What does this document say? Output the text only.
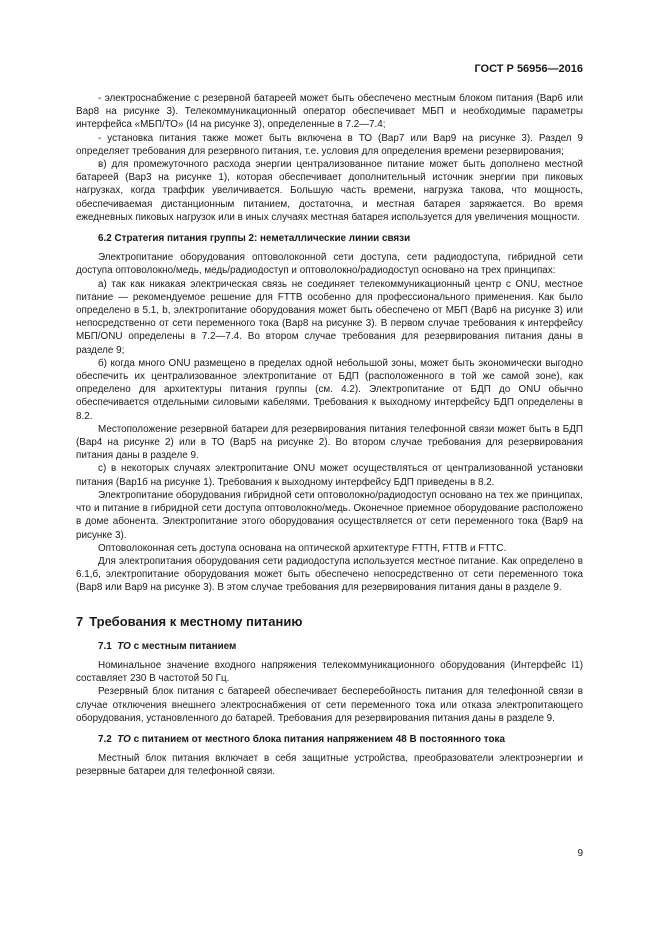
ГОСТ Р 56956—2016

- электроснабжение с резервной батареей может быть обеспечено местным блоком питания (Вар6 или Вар8 на рисунке 3). Телекоммуникационный оператор обеспечивает МБП и необходимые параметры интерфейса «МБП/ТО» (I4 на рисунке 3), определенные в 7.2—7.4;

- установка питания также может быть включена в ТО (Вар7 или Вар9 на рисунке 3). Раздел 9 определяет требования для резервного питания, т.е. условия для определения времени резервирования;

в) для промежуточного расхода энергии централизованное питание может быть дополнено местной батареей (Вар3 на рисунке 1), которая обеспечивает дополнительный источник энергии при пиковых нагрузках, когда траффик увеличивается. Большую часть времени, нагрузка такова, что мощность, обеспечиваемая дистанционным питанием, достаточна, и местная батарея заряжается. Во время ежедневных пиковых нагрузок или в иных случаях местная батарея используется для увеличения мощности.

6.2 Стратегия питания группы 2: неметаллические линии связи

Электропитание оборудования оптоволоконной сети доступа, сети радиодоступа, гибридной сети доступа оптоволокно/медь, медь/радиодоступ и оптоволокно/радиодоступ основано на трех принципах:

а) так как никакая электрическая связь не соединяет телекоммуникационный центр с ONU, местное питание — рекомендуемое решение для FTTB особенно для профессионального применения. Как было определено в 5.1, b, электропитание оборудования может быть обеспечено от МБП (Вар6 на рисунке 3) или непосредственно от сети переменного тока (Вар8 на рисунке 3). В первом случае требования к интерфейсу МБП/ONU определены в 7.2—7.4. Во втором случае требования для резервирования питания даны в разделе 9;

б) когда много ONU размещено в пределах одной небольшой зоны, может быть экономически выгодно обеспечить их централизованное электропитание от БДП (расположенного в той же самой зоне), как определено для архитектуры питания группы (см. 4.2). Электропитание от БДП до ONU обычно обеспечивается отдельными силовыми кабелями. Требования к выходному интерфейсу БДП определены в 8.2.

Местоположение резервной батареи для резервирования питания телефонной связи может быть в БДП (Вар4 на рисунке 2) или в ТО (Вар5 на рисунке 2). Во втором случае требования для резервирования питания даны в разделе 9.

с) в некоторых случаях электропитание ONU может осуществляться от централизованной установки питания (Вар1б на рисунке 1). Требования к выходному интерфейсу БДП приведены в 8.2.

Электропитание оборудования гибридной сети оптоволокно/радиодоступ основано на тех же принципах, что и питание в гибридной сети доступа оптоволокно/медь. Оконечное приемное оборудование расположено в доме абонента. Электропитание этого оборудования осуществляется от сети переменного тока (Вар9 на рисунке 3).

Оптоволоконная сеть доступа основана на оптической архитектуре FTTH, FTTB и FTTC.

Для электропитания оборудования сети радиодоступа используется местное питание. Как определено в 6.1,б, электропитание оборудования может быть обеспечено непосредственно от сети переменного тока (Вар8 или Вар9 на рисунке 3). В этом случае требования для резервирования питания даны в разделе 9.

7 Требования к местному питанию

7.1 ТО с местным питанием

Номинальное значение входного напряжения телекоммуникационного оборудования (Интерфейс I1) составляет 230 В частотой 50 Гц.

Резервный блок питания с батареей обеспечивает бесперебойность питания для телефонной связи в случае отключения внешнего электроснабжения от сети переменного тока или отказа электропитающего оборудования, установленного до батарей. Требования для резервирования питания даны в разделе 9.

7.2 ТО с питанием от местного блока питания напряжением 48 В постоянного тока

Местный блок питания включает в себя защитные устройства, преобразователи электроэнергии и резервные батареи для телефонной связи.

9
